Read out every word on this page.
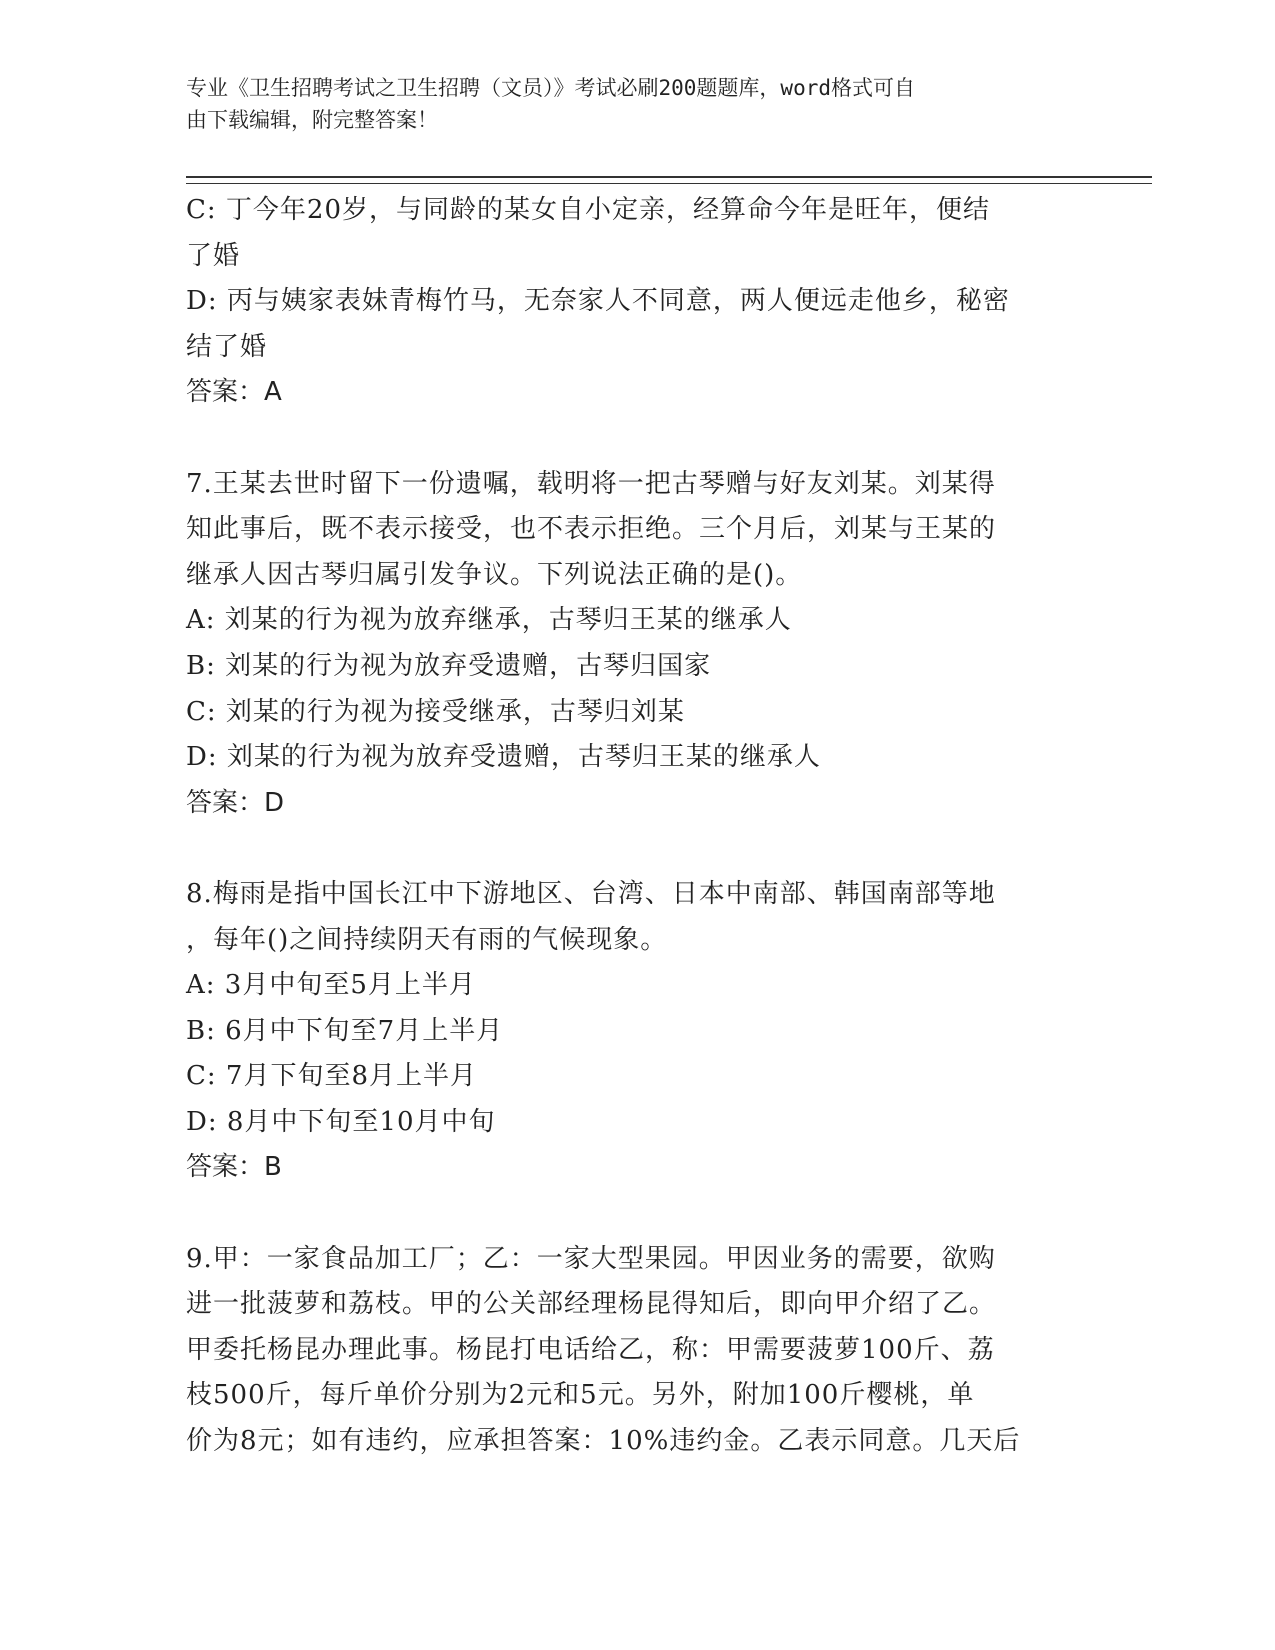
专业《卫生招聘考试之卫生招聘（文员）》考试必刷200题题库，word格式可自
由下载编辑，附完整答案！
C: 丁今年20岁，与同龄的某女自小定亲，经算命今年是旺年，便结
了婚
D: 丙与姨家表妹青梅竹马，无奈家人不同意，两人便远走他乡，秘密
结了婚
答案：A
7.王某去世时留下一份遗嘱，载明将一把古琴赠与好友刘某。刘某得
知此事后，既不表示接受，也不表示拒绝。三个月后，刘某与王某的
继承人因古琴归属引发争议。下列说法正确的是()。
A: 刘某的行为视为放弃继承，古琴归王某的继承人
B: 刘某的行为视为放弃受遗赠，古琴归国家
C: 刘某的行为视为接受继承，古琴归刘某
D: 刘某的行为视为放弃受遗赠，古琴归王某的继承人
答案：D
8.梅雨是指中国长江中下游地区、台湾、日本中南部、韩国南部等地
，每年()之间持续阴天有雨的气候现象。
A: 3月中旬至5月上半月
B: 6月中下旬至7月上半月
C: 7月下旬至8月上半月
D: 8月中下旬至10月中旬
答案：B
9.甲：一家食品加工厂；乙：一家大型果园。甲因业务的需要，欲购
进一批菠萝和荔枝。甲的公关部经理杨昆得知后，即向甲介绍了乙。
甲委托杨昆办理此事。杨昆打电话给乙，称：甲需要菠萝100斤、荔
枝500斤，每斤单价分别为2元和5元。另外，附加100斤樱桃，单
价为8元；如有违约，应承担答案：10%违约金。乙表示同意。几天后
